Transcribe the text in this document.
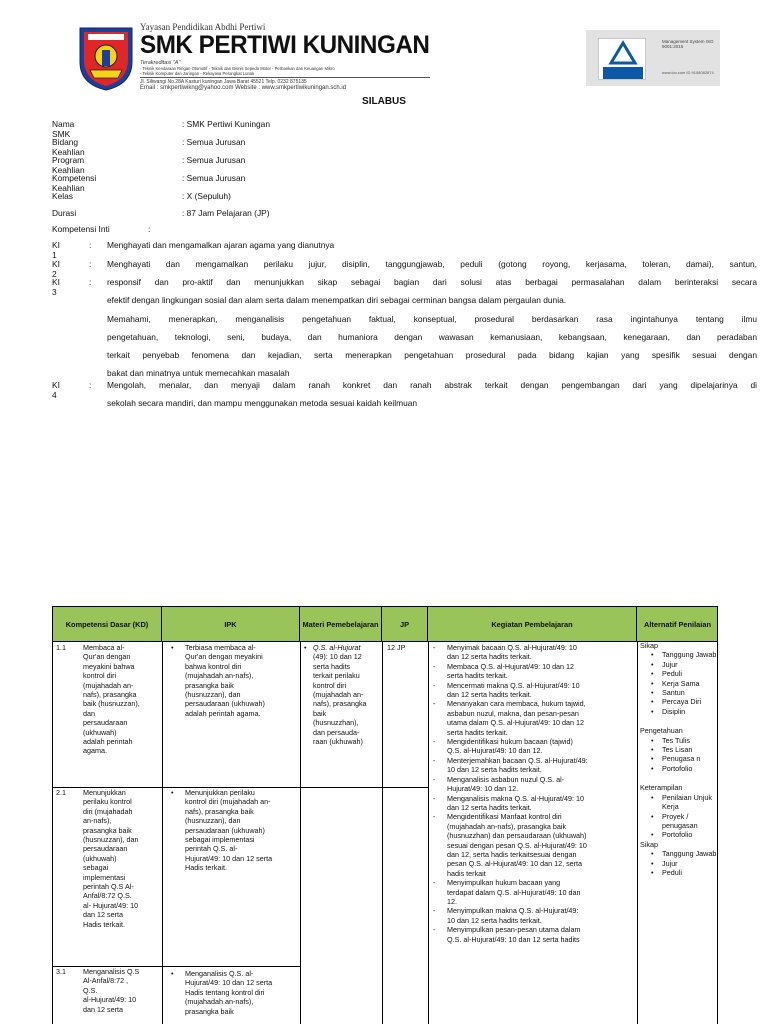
Yayasan Pendidikan Abdhi Pertiwi
SMK PERTIWI KUNINGAN
Terakreditasi "A"
- Teknik Kendaraan Ringan Otomotif - Teknik dan Bisnis Sepeda Motor - Perbankan dan Keuangan Mikro
- Teknik Komputer dan Jaringan - Rekayasa Perangkat Lunak
Jl. Siliwangi No.28A Kasturi kuningan Jawa Barat 45521 Telp. 0232 875135
Email : smkpertiwikng@yahoo.com Website : www.smkpertiwikuningan.sch.id
Management System ISO 9001:2015
www.tuv.com ID 9108082874
SILABUS
Nama SMK
: SMK Pertiwi Kuningan
Bidang Keahlian
: Semua Jurusan
Program Keahlian
: Semua Jurusan
Kompetensi Keahlian
: Semua Jurusan
Kelas	: X (Sepuluh)
Durasi	: 87 Jam Pelajaran (JP)
Kompetensi Inti	:
KI 1
: Menghayati dan mengamalkan ajaran agama yang dianutnya
KI 2
: Menghayati dan mengamalkan perilaku jujur, disiplin, tanggungjawab, peduli (gotong royong, kerjasama, toleran, damai), santun,
KI 3
: responsif dan pro-aktif dan menunjukkan sikap sebagai bagian dari solusi atas berbagai permasalahan dalam berinteraksi secara
efektif dengan lingkungan sosial dan alam serta dalam menempatkan diri sebagai cerminan bangsa dalam pergaulan dunia.
Memahami, menerapkan, menganalisis pengetahuan faktual, konseptual, prosedural berdasarkan rasa ingintahunya tentang ilmu
pengetahuan, teknologi, seni, budaya, dan humaniora dengan wawasan kemanusiaan, kebangsaan, kenegaraan, dan peradaban
terkait penyebab fenomena dan kejadian, serta menerapkan pengetahuan prosedural pada bidang kajian yang spesifik sesuai dengan
bakat dan minatnya untuk memecahkan masalah
KI 4
: Mengolah, menalar, dan menyaji dalam ranah konkret dan ranah abstrak terkait dengan pengembangan dari yang dipelajarinya di
sekolah secara mandiri, dan mampu menggunakan metoda sesuai kaidah keilmuan
Kompetensi Dasar (KD)	IPK	Materi Pemebelajaran	JP	Kegiatan Pembelajaran	Alternatif Penilaian
1.1 Membaca al-
Qur'an dengan
meyakini bahwa
kontrol diri
(mujahadah an-
nafs), prasangka
baik (husnuzzan),
dan
persaudaraan
(ukhuwah)
adalah perintah
agama.
2.1 Menunjukkan
perilaku kontrol
diri (mujahadah
an-nafs),
prasangka baik
(husnuzzan), dan
persaudaraan
(ukhuwah)
sebagai
implementasi
perintah Q.S Al-
Anfal/8:72 Q.S.
al- Hujurat/49: 10
dan 12 serta
Hadis terkait.
3.1 Menganalisis Q.S
Al-Anfal/8:72 ,
Q.S.
al-Hujurat/49: 10
dan 12 serta
• Terbiasa membaca al-
Qur'an dengan meyakini
bahwa kontrol diri
(mujahadah an-nafs),
prasangka baik
(husnuzzan), dan
persaudaraan (ukhuwah)
adalah perintah agama.
• Menunjukkan perilaku
kontrol diri (mujahadah an-
nafs), prasangka baik
(husnuzzan), dan
persaudaraan (ukhuwah)
sebagai implementasi
perintah Q.S. al-
Hujurat/49: 10 dan 12 serta
Hadis terkait.
• Menganalisis Q.S. al-
Hujurat/49: 10 dan 12 serta
Hadis tentang kontrol diri
(mujahadah an-nafs),
prasangka baik
• Q.S. al-Hujurat
(49): 10 dan 12
serta hadits
terkait perilaku
kontrol diri
(mujahadah an-
nafs), prasangka
baik
(husnuzzhan),
dan persauda-
raan (ukhuwah)
12 JP
-	Menyimak bacaan Q.S. al-Hujurat/49: 10
dan 12 serta hadits terkait.
- Membaca Q.S. al-Hujurat/49: 10 dan 12
serta hadits terkait.
- Mencermati makna Q.S. al-Hujurat/49: 10
dan 12 serta hadits terkait.
- Menanyakan cara membaca, hukum tajwid,
asbabun nuzul, makna, dan pesan-pesan
utama dalam Q.S. al-Hujurat/49: 10 dan 12
serta hadits terkait.
- Mengidentifikasi hukum bacaan (tajwid)
Q.S. al-Hujurat/49: 10 dan 12.
- Menterjemahkan bacaan Q.S. al-Hujurat/49:
10 dan 12 serta hadits terkait.
- Menganalisis asbabun nuzul Q.S. al-
Hujurat/49: 10 dan 12.
- Menganalisis makna Q.S. al-Hujurat/49: 10
dan 12 serta hadits terkait.
- Mengidentifikasi Manfaat kontrol diri
(mujahadah an-nafs), prasangka baik
(husnuzzhan) dan persaudaraan (ukhuwah)
sesuai dengan pesan Q.S. al-Hujurat/49: 10
dan 12, serta hadis terkaitsesuai dengan
pesan Q.S. al-Hujurat/49: 10 dan 12, serta
hadis terkait
- Menyimpulkan hukum bacaan yang
terdapat dalam Q.S. al-Hujurat/49: 10 dan
12.
- Menyimpulkan makna Q.S. al-Hujurat/49:
10 dan 12 serta hadits terkait.
- Menyimpulkan pesan-pesan utama dalam
Q.S. al-Hujurat/49: 10 dan 12 serta hadits
Sikap
• Tanggung Jawab
• Jujur
• Peduli
• Kerja Sama
• Santun
• Percaya Diri
• Disiplin
Pengetahuan
• Tes Tulis
• Tes Lisan
• Penugasa n
• Portofolio
Keterampilan
• Penilaian Unjuk Kerja
• Proyek / penugasan
• Portofolio
Sikap
• Tanggung Jawab
• Jujur
• Peduli
